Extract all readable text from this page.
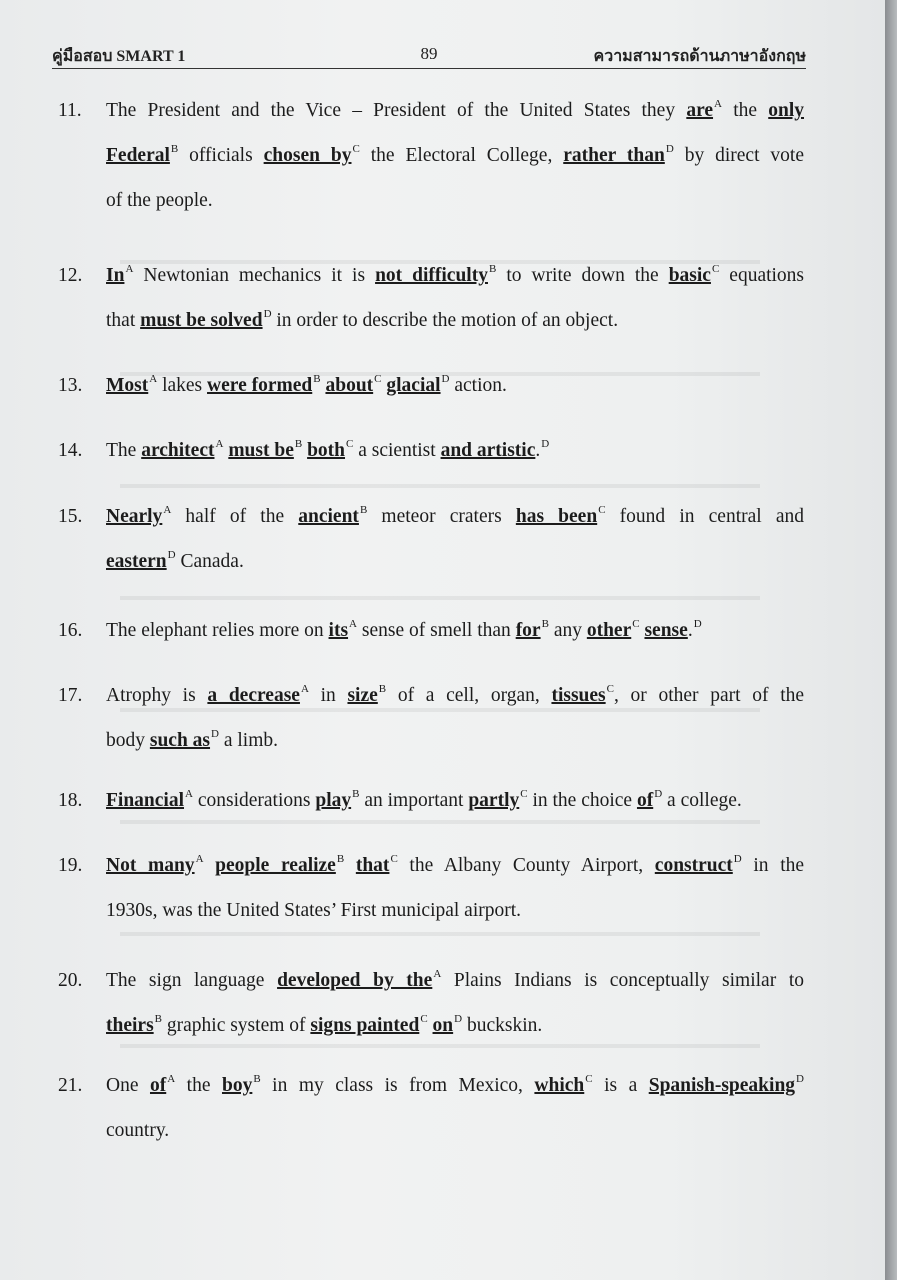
คู่มือสอบ SMART 1	89	ความสามารถด้านภาษาอังกฤษ
11. The President and the Vice – President of the United States they are$^A$ the only
Federal$^B$ officials chosen $by^C$ the Electoral College, rather than$^D$ by direct vote
of the people.
12. $In^A$ Newtonian mechanics it is not difficulty$^B$ to write down the basic$^C$ equations
that must be solved$^D$ in order to describe the motion of an object.
13. Most$^A$ lakes were formed$^B$ about$^C$ glacial$^D$ action.
14. The architect$^A$ must $be^B$ both$^C$ a scientist and artistic.$^D$
15. Nearly$^A$ half of the ancient$^B$ meteor craters has been$^C$ found in central and
eastern$^D$ Canada.
16. The elephant relies more on its$^A$ sense of smell than for$^B$ any other$^C$ sense.$^D$
17. Atrophy is a decrease$^A$ in size$^B$ of a cell, organ, tissues$^C$, or other part of the
body such $as^D$ a limb.
18. Financial$^A$ considerations play$^B$ an important partly$^C$ in the choice $of^D$ a college.
19. Not many$^A$ people realize$^B$ that$^C$ the Albany County Airport, construct$^D$ in the
1930s, was the United States’ First municipal airport.
20. The sign language developed by the$^A$ Plains Indians is conceptually similar to
theirs$^B$ graphic system of signs painted$^C$ $on^D$ buckskin.
21. One $of^A$ the boy$^B$ in my class is from Mexico, which$^C$ is a Spanish-speaking$^D$
country.
